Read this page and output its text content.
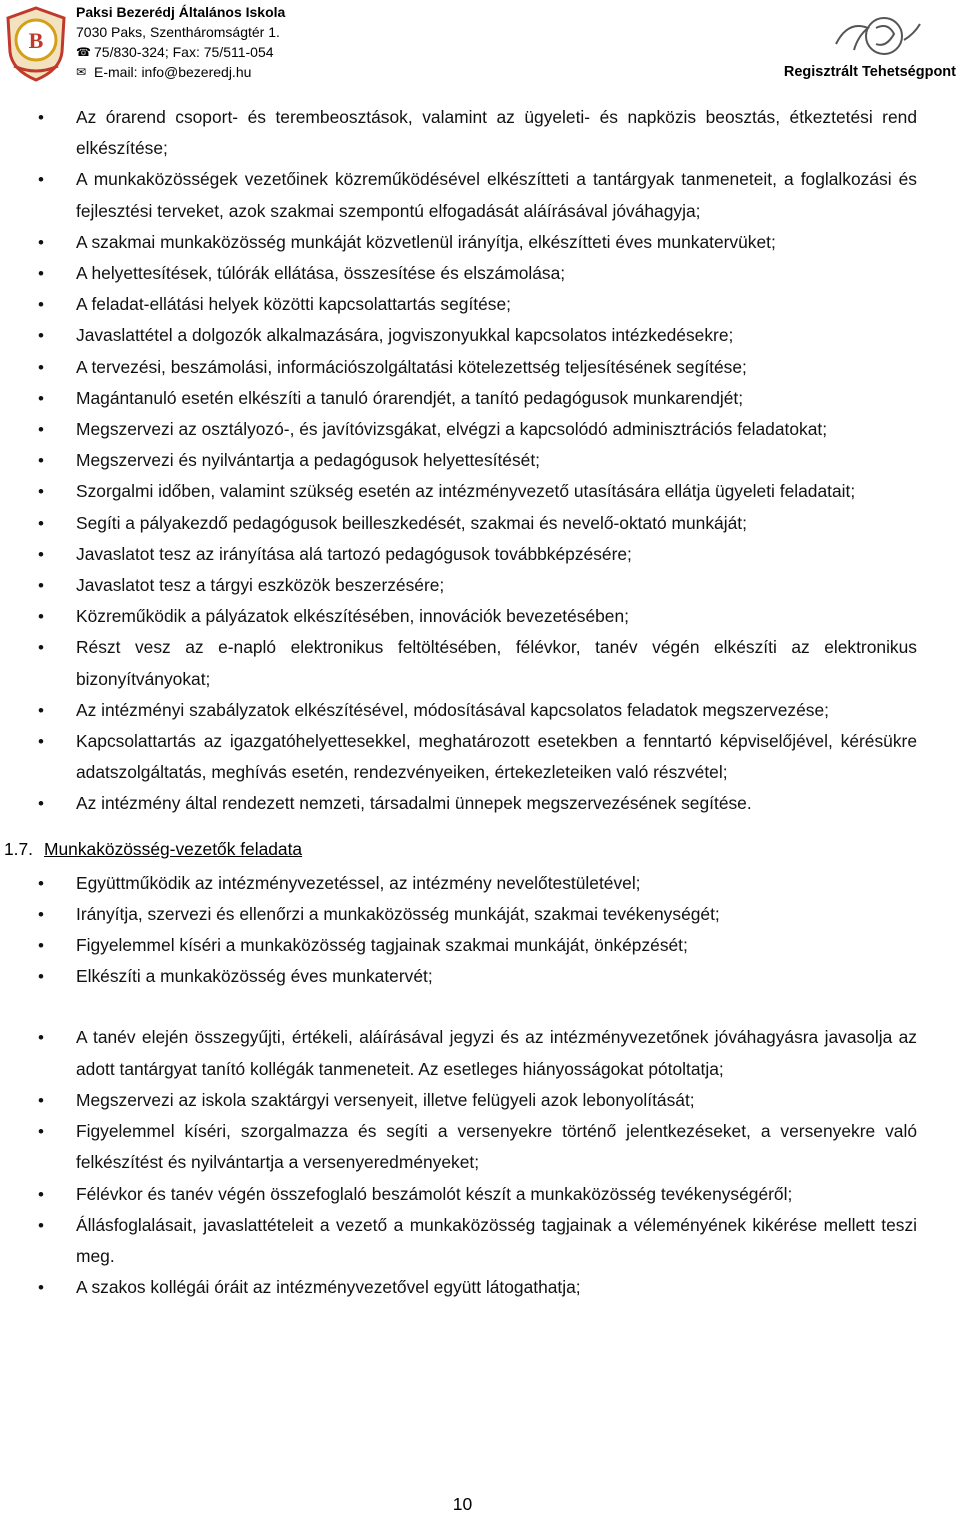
B
Paksi Bezerédj Általános Iskola
7030 Paks, Szentháromságtér 1.
☎ 75/830-324; Fax: 75/511-054
✉ E-mail: info@bezeredj.hu	Regisztrált Tehetségpont
• Az órarend csoport- és terembeosztások, valamint az ügyeleti- és napközis beosztás, étkeztetési rend elkészítése;
• A munkaközösségek vezetőinek közreműködésével elkészítteti a tantárgyak tanmeneteit, a foglalkozási és fejlesztési terveket, azok szakmai szempontú elfogadását aláírásával jóváhagyja;
• A szakmai munkaközösség munkáját közvetlenül irányítja, elkészítteti éves munkatervüket;
• A helyettesítések, túlórák ellátása, összesítése és elszámolása;
• A feladat-ellátási helyek közötti kapcsolattartás segítése;
• Javaslattétel a dolgozók alkalmazására, jogviszonyukkal kapcsolatos intézkedésekre;
• A tervezési, beszámolási, információszolgáltatási kötelezettség teljesítésének segítése;
• Magántanuló esetén elkészíti a tanuló órarendjét, a tanító pedagógusok munkarendjét;
• Megszervezi az osztályozó-, és javítóvizsgákat, elvégzi a kapcsolódó adminisztrációs feladatokat;
• Megszervezi és nyilvántartja a pedagógusok helyettesítését;
• Szorgalmi időben, valamint szükség esetén az intézményvezető utasítására ellátja ügyeleti feladatait;
• Segíti a pályakezdő pedagógusok beilleszkedését, szakmai és nevelő-oktató munkáját;
• Javaslatot tesz az irányítása alá tartozó pedagógusok továbbképzésére;
• Javaslatot tesz a tárgyi eszközök beszerzésére;
• Közreműködik a pályázatok elkészítésében, innovációk bevezetésében;
• Részt vesz az e-napló elektronikus feltöltésében, félévkor, tanév végén elkészíti az elektronikus bizonyítványokat;
• Az intézményi szabályzatok elkészítésével, módosításával kapcsolatos feladatok megszervezése;
• Kapcsolattartás az igazgatóhelyettesekkel, meghatározott esetekben a fenntartó képviselőjével, kérésükre adatszolgáltatás, meghívás esetén, rendezvényeiken, értekezleteiken való részvétel;
• Az intézmény által rendezett nemzeti, társadalmi ünnepek megszervezésének segítése.
1.7. Munkaközösség-vezetők feladata
• Együttműködik az intézményvezetéssel, az intézmény nevelőtestületével;
• Irányítja, szervezi és ellenőrzi a munkaközösség munkáját, szakmai tevékenységét;
• Figyelemmel kíséri a munkaközösség tagjainak szakmai munkáját, önképzését;
• Elkészíti a munkaközösség éves munkatervét;
• A tanév elején összegyűjti, értékeli, aláírásával jegyzi és az intézményvezetőnek jóváhagyásra javasolja az adott tantárgyat tanító kollégák tanmeneteit. Az esetleges hiányosságokat pótoltatja;
• Megszervezi az iskola szaktárgyi versenyeit, illetve felügyeli azok lebonyolítását;
• Figyelemmel kíséri, szorgalmazza és segíti a versenyekre történő jelentkezéseket, a versenyekre való felkészítést és nyilvántartja a versenyeredményeket;
• Félévkor és tanév végén összefoglaló beszámolót készít a munkaközösség tevékenységéről;
• Állásfoglalásait, javaslattételeit a vezető a munkaközösség tagjainak a véleményének kikérése mellett teszi meg.
• A szakos kollégái óráit az intézményvezetővel együtt látogathatja;
10
